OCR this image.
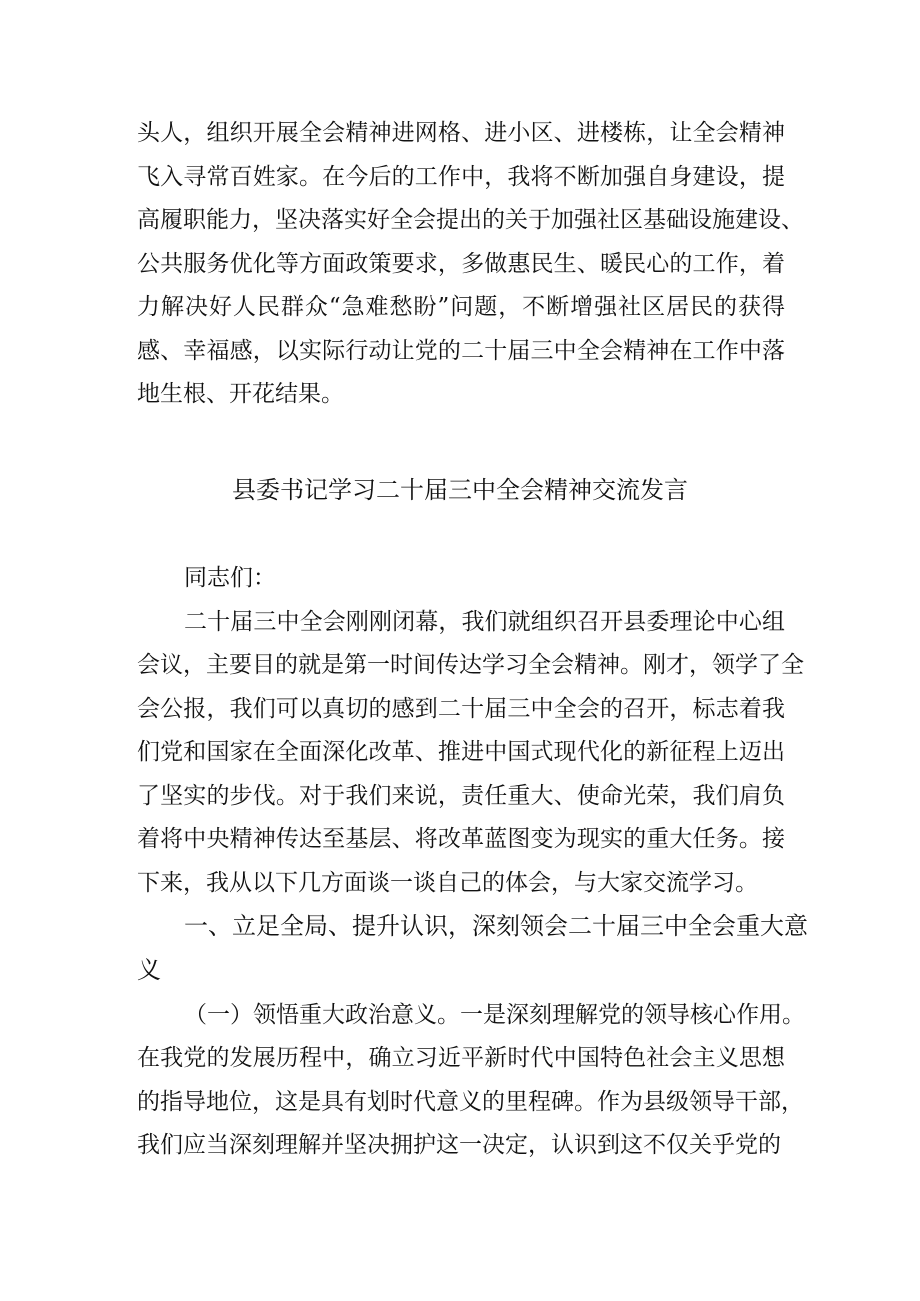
头人，组织开展全会精神进网格、进小区、进楼栋，让全会精神
飞入寻常百姓家。在今后的工作中，我将不断加强自身建设，提
高履职能力，坚决落实好全会提出的关于加强社区基础设施建设、
公共服务优化等方面政策要求，多做惠民生、暖民心的工作，着
力解决好人民群众“急难愁盼”问题，不断增强社区居民的获得
感、幸福感，以实际行动让党的二十届三中全会精神在工作中落
地生根、开花结果。
县委书记学习二十届三中全会精神交流发言
同志们：
二十届三中全会刚刚闭幕，我们就组织召开县委理论中心组
会议，主要目的就是第一时间传达学习全会精神。刚才，领学了全
会公报，我们可以真切的感到二十届三中全会的召开，标志着我
们党和国家在全面深化改革、推进中国式现代化的新征程上迈出
了坚实的步伐。对于我们来说，责任重大、使命光荣，我们肩负
着将中央精神传达至基层、将改革蓝图变为现实的重大任务。接
下来，我从以下几方面谈一谈自己的体会，与大家交流学习。
一、立足全局、提升认识，深刻领会二十届三中全会重大意
义
（一）领悟重大政治意义。一是深刻理解党的领导核心作用。
在我党的发展历程中，确立习近平新时代中国特色社会主义思想
的指导地位，这是具有划时代意义的里程碑。作为县级领导干部，
我们应当深刻理解并坚决拥护这一决定，认识到这不仅关乎党的
